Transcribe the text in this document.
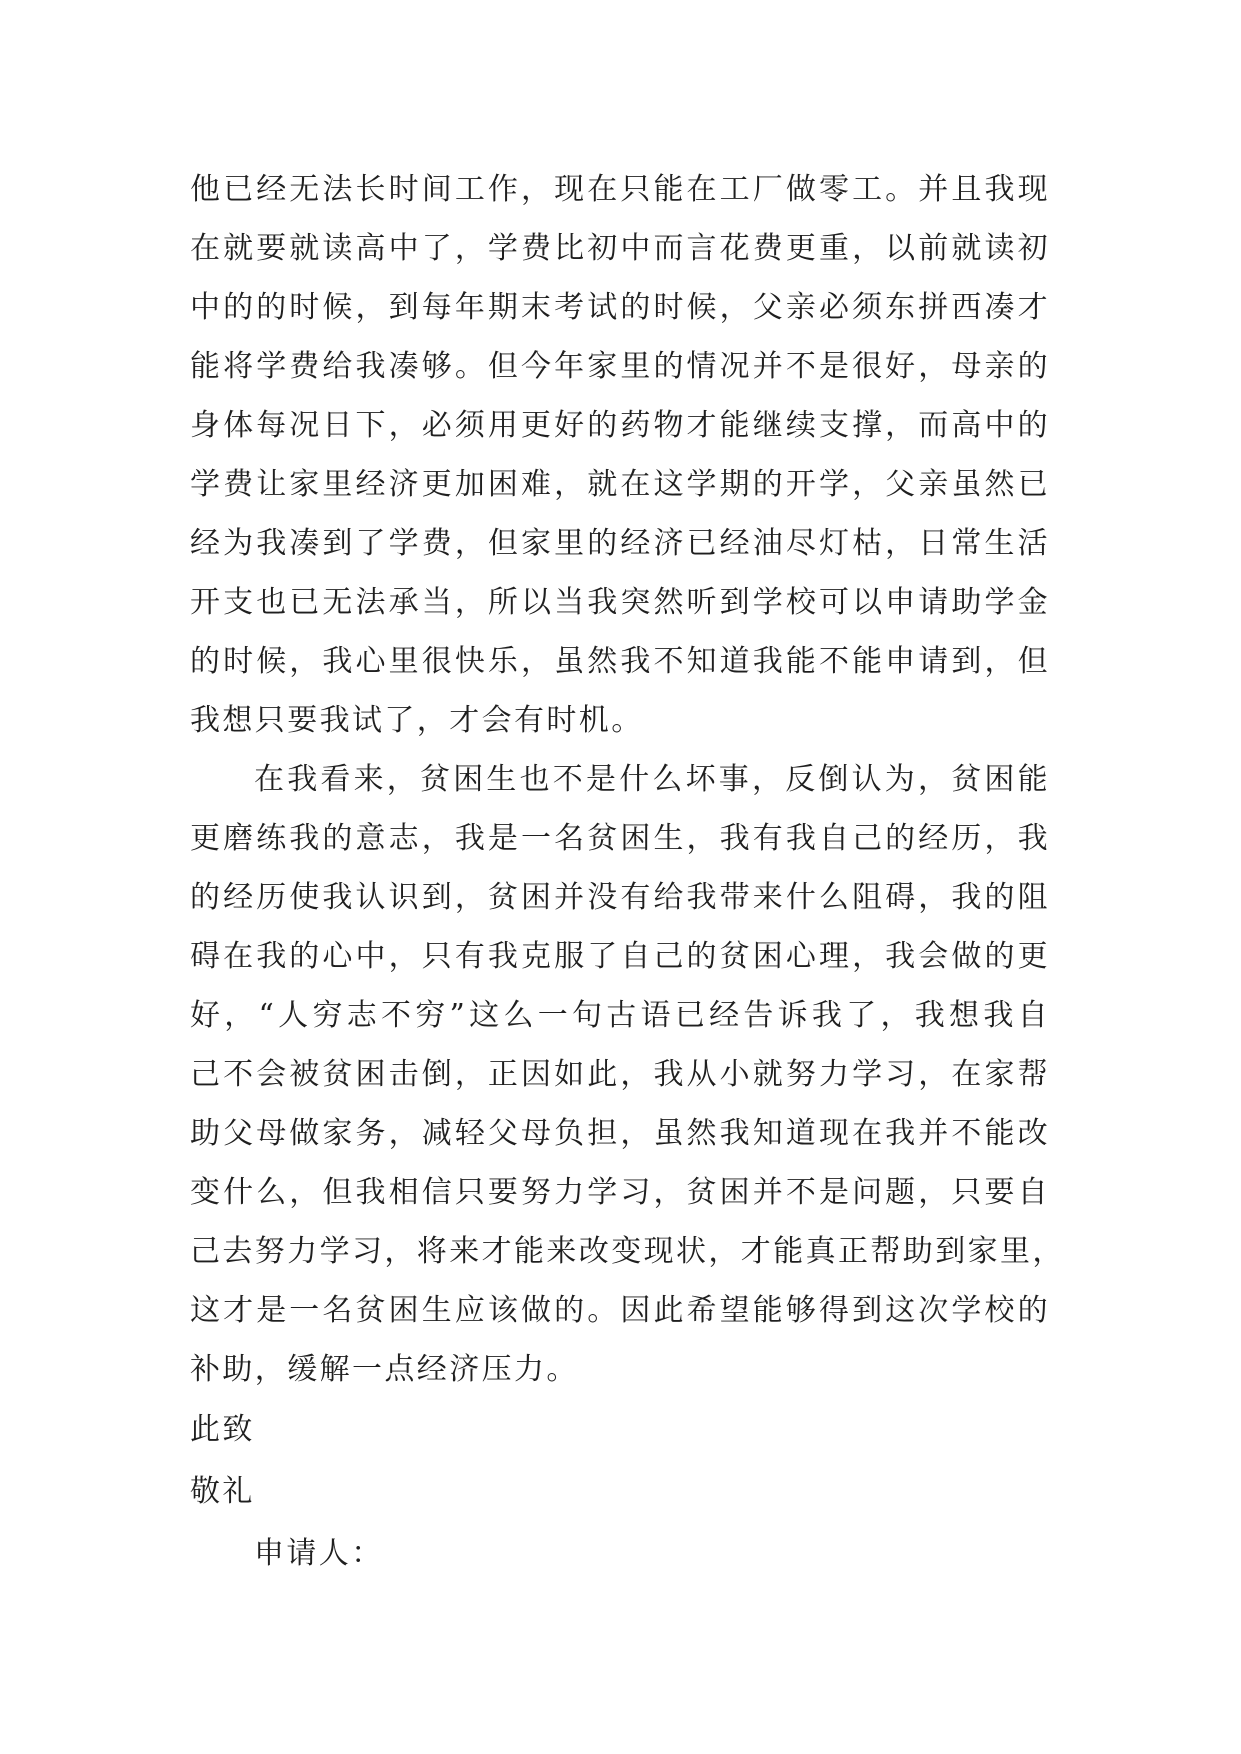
他已经无法长时间工作，现在只能在工厂做零工。并且我现
在就要就读高中了，学费比初中而言花费更重，以前就读初
中的的时候，到每年期末考试的时候，父亲必须东拼西凑才
能将学费给我凑够。但今年家里的情况并不是很好，母亲的
身体每况日下，必须用更好的药物才能继续支撑，而高中的
学费让家里经济更加困难，就在这学期的开学，父亲虽然已
经为我凑到了学费，但家里的经济已经油尽灯枯，日常生活
开支也已无法承当，所以当我突然听到学校可以申请助学金
的时候，我心里很快乐，虽然我不知道我能不能申请到，但
我想只要我试了，才会有时机。
在我看来，贫困生也不是什么坏事，反倒认为，贫困能
更磨练我的意志，我是一名贫困生，我有我自己的经历，我
的经历使我认识到，贫困并没有给我带来什么阻碍，我的阻
碍在我的心中，只有我克服了自己的贫困心理，我会做的更
好，“人穷志不穷”这么一句古语已经告诉我了，我想我自
己不会被贫困击倒，正因如此，我从小就努力学习，在家帮
助父母做家务，减轻父母负担，虽然我知道现在我并不能改
变什么，但我相信只要努力学习，贫困并不是问题，只要自
己去努力学习，将来才能来改变现状，才能真正帮助到家里，
这才是一名贫困生应该做的。因此希望能够得到这次学校的
补助，缓解一点经济压力。
此致
敬礼
申请人：
